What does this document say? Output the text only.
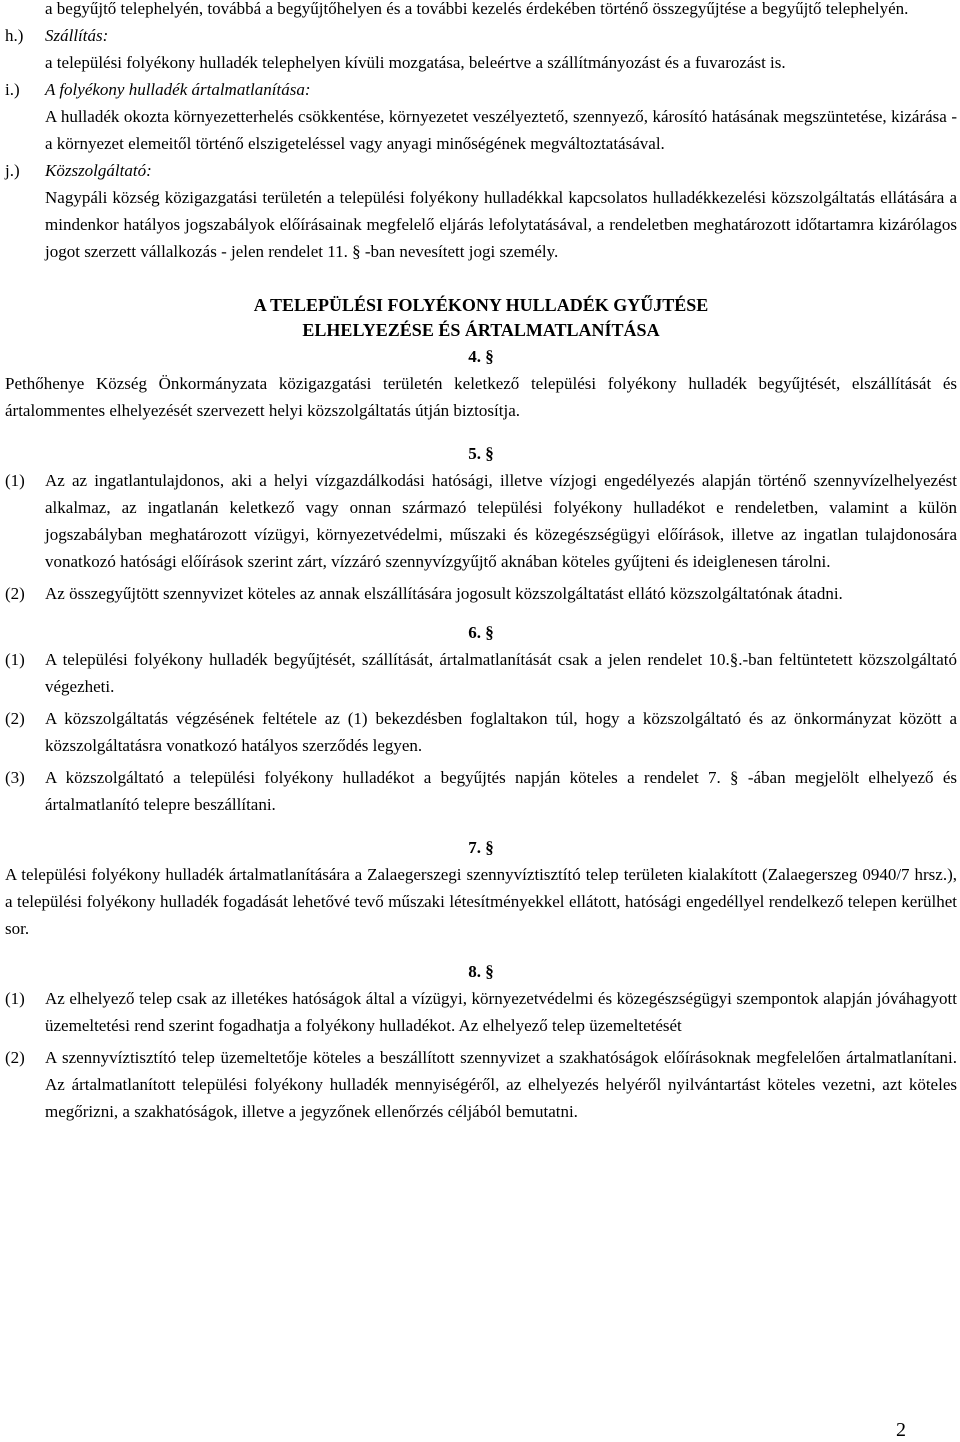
a begyűjtő telephelyén, továbbá a begyűjtőhelyen és a további kezelés érdekében történő összegyűjtése a begyűjtő telephelyén.

h.) Szállítás:
a települési folyékony hulladék telephelyen kívüli mozgatása, beleértve a szállítmányozást és a fuvarozást is.
i.) A folyékony hulladék ártalmatlanítása:
A hulladék okozta környezetterhelés csökkentése, környezetet veszélyeztető, szennyező, károsító hatásának megszüntetése, kizárása - a környezet elemeitől történő elszigeteléssel vagy anyagi minőségének megváltoztatásával.
j.) Közszolgáltató:
Nagypáli község közigazgatási területén a települési folyékony hulladékkal kapcsolatos hulladékkezelési közszolgáltatás ellátására a mindenkor hatályos jogszabályok előírásainak megfelelő eljárás lefolytatásával, a rendeletben meghatározott időtartamra kizárólagos jogot szerzett vállalkozás - jelen rendelet 11. § -ban nevesített jogi személy.
A TELEPÜLÉSI FOLYÉKONY HULLADÉK GYŰJTÉSE
ELHELYEZÉSE ÉS ÁRTALMATLANÍTÁSA
4. §

Pethőhenye Község Önkormányzata közigazgatási területén keletkező települési folyékony hulladék begyűjtését, elszállítását és ártalommentes elhelyezését szervezett helyi közszolgáltatás útján biztosítja.

5. §
(1) Az az ingatlantulajdonos, aki a helyi vízgazdálkodási hatósági, illetve vízjogi engedélyezés alapján történő szennyvízelhelyezést alkalmaz, az ingatlanán keletkező vagy onnan származó települési folyékony hulladékot e rendeletben, valamint a külön jogszabályban meghatározott vízügyi, környezetvédelmi, műszaki és közegészségügyi előírások, illetve az ingatlan tulajdonosára vonatkozó hatósági előírások szerint zárt, vízzáró szennyvízgyűjtő aknában köteles gyűjteni és ideiglenesen tárolni.
(2) Az összegyűjtött szennyvizet köteles az annak elszállítására jogosult közszolgáltatást ellátó közszolgáltatónak átadni.
6. §
(1) A települési folyékony hulladék begyűjtését, szállítását, ártalmatlanítását csak a jelen rendelet 10.§.-ban feltüntetett közszolgáltató végezheti.
(2) A közszolgáltatás végzésének feltétele az (1) bekezdésben foglaltakon túl, hogy a közszolgáltató és az önkormányzat között a közszolgáltatásra vonatkozó hatályos szerződés legyen.
(3) A közszolgáltató a települési folyékony hulladékot a begyűjtés napján köteles a rendelet 7. § -ában megjelölt elhelyező és ártalmatlanító telepre beszállítani.
7. §

A települési folyékony hulladék ártalmatlanítására a Zalaegerszegi szennyvíztisztító telep területen kialakított (Zalaegerszeg 0940/7 hrsz.), a települési folyékony hulladék fogadását lehetővé tevő műszaki létesítményekkel ellátott, hatósági engedéllyel rendelkező telepen kerülhet sor.

8. §
(1) Az elhelyező telep csak az illetékes hatóságok által a vízügyi, környezetvédelmi és közegészségügyi szempontok alapján jóváhagyott üzemeltetési rend szerint fogadhatja a folyékony hulladékot. Az elhelyező telep üzemeltetését
(2) A szennyvíztisztító telep üzemeltetője köteles a beszállított szennyvizet a szakhatóságok előírásoknak megfelelően ártalmatlanítani. Az ártalmatlanított települési folyékony hulladék mennyiségéről, az elhelyezés helyéről nyilvántartást köteles vezetni, azt köteles megőrizni, a szakhatóságok, illetve a jegyzőnek ellenőrzés céljából bemutatni.
2
